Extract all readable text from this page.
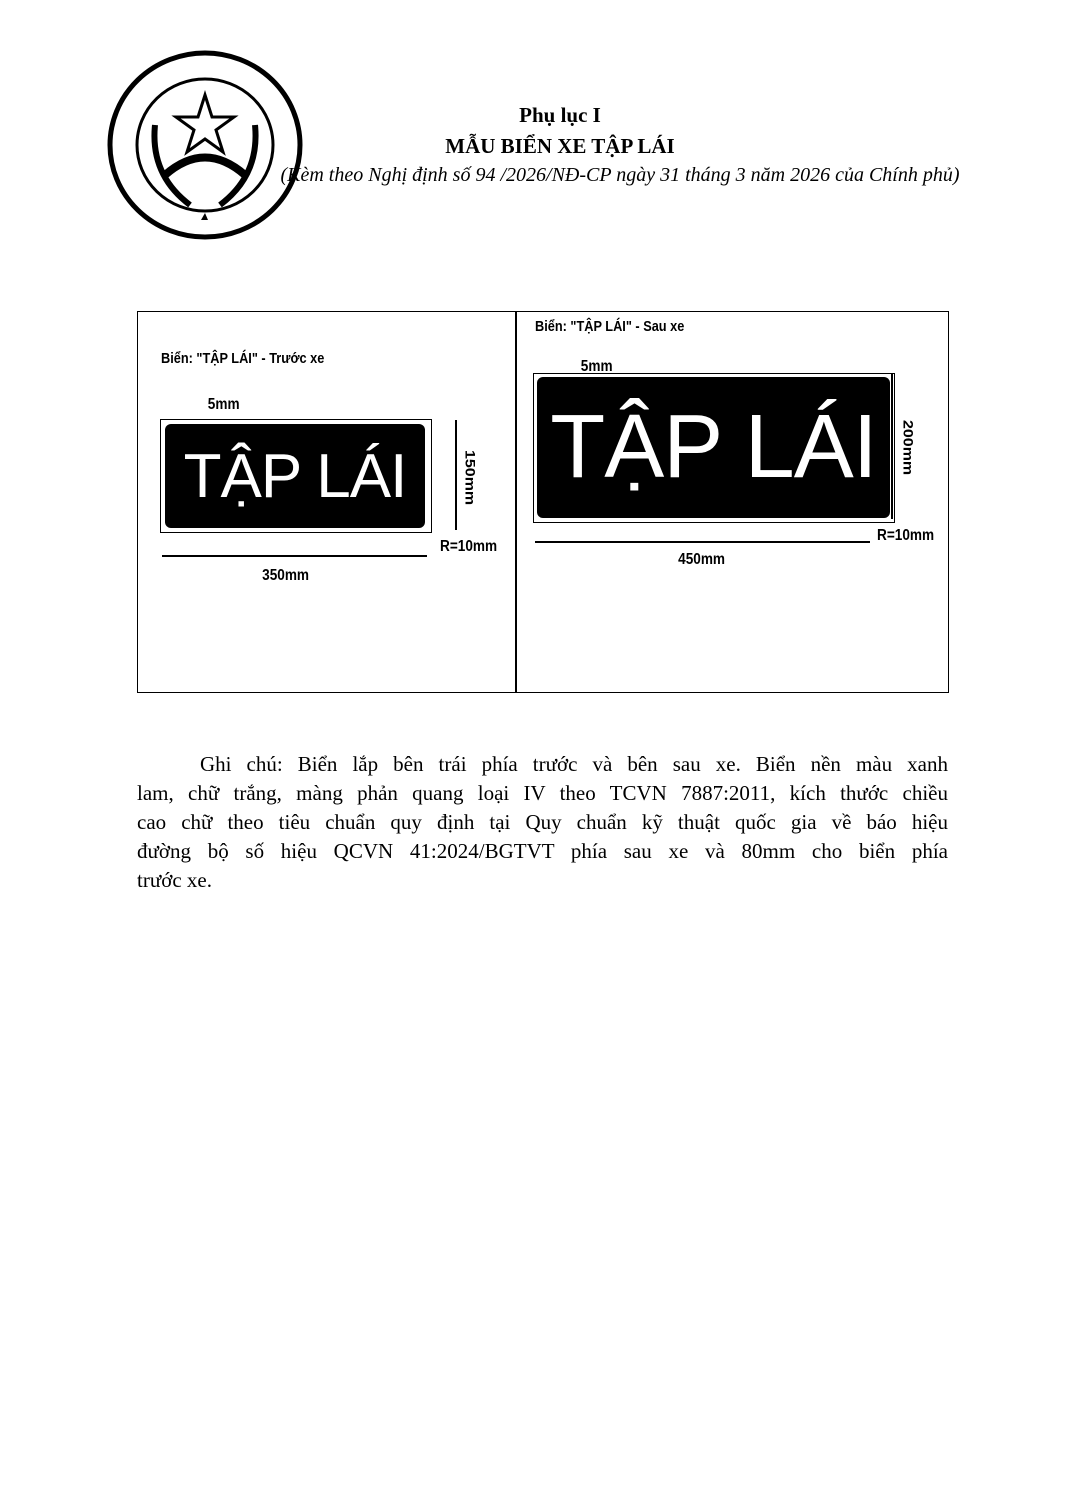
Phụ lục I
MẪU BIỂN XE TẬP LÁI
(Kèm theo Nghị định số 94 /2026/NĐ-CP ngày 31 tháng 3 năm 2026 của Chính phủ)
Biển: "TẬP LÁI" - Trước xe
5mm
TẬP LÁI	150mm
R=10mm
350mm
Biển: "TẬP LÁI" - Sau xe
5mm
TẬP LÁI	200mm
R=10mm
450mm
Ghi chú: Biển lắp bên trái phía trước và bên sau xe. Biển nền màu xanh
lam, chữ trắng, màng phản quang loại IV theo TCVN 7887:2011, kích thước chiều
cao chữ theo tiêu chuẩn quy định tại Quy chuẩn kỹ thuật quốc gia về báo hiệu
đường bộ số hiệu QCVN 41:2024/BGTVT phía sau xe và 80mm cho biển phía
trước xe.
